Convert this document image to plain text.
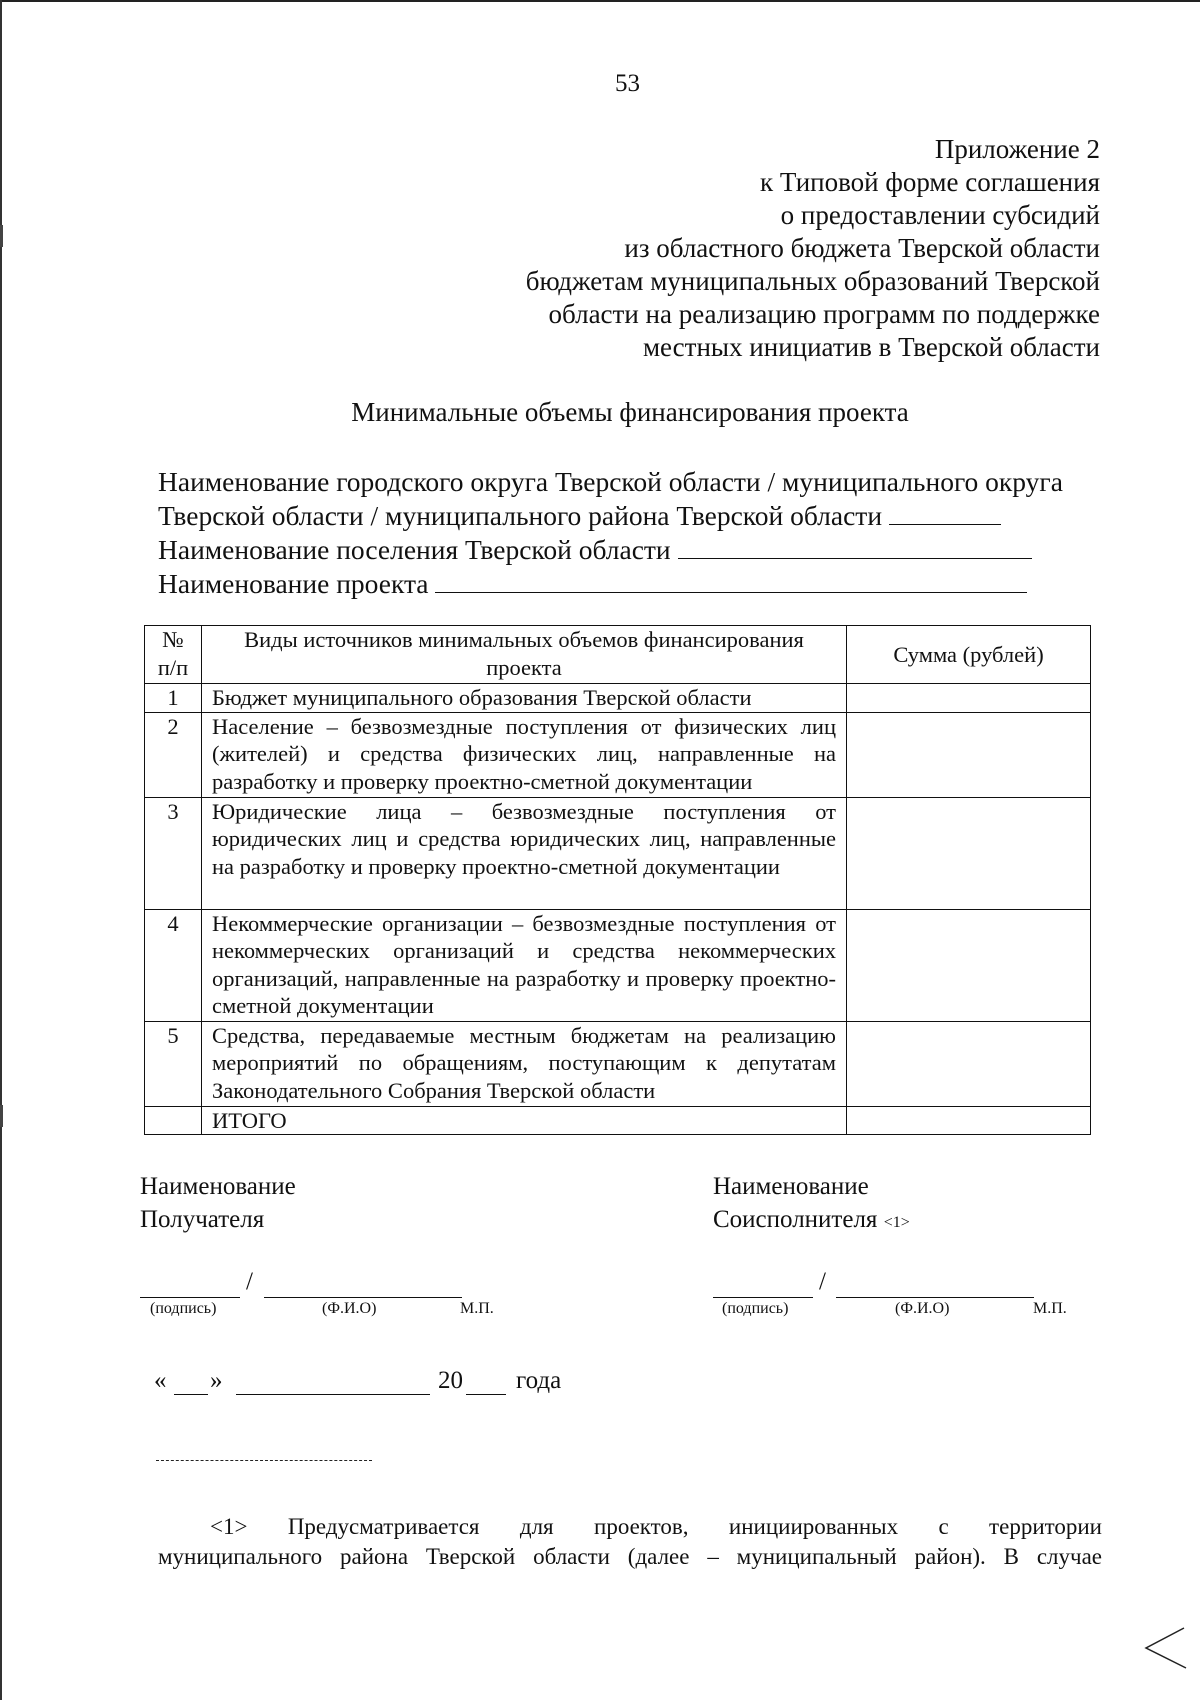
53
Приложение 2
к Типовой форме соглашения
о предоставлении субсидий
из областного бюджета Тверской области
бюджетам муниципальных образований Тверской
области на реализацию программ по поддержке
местных инициатив в Тверской области
Минимальные объемы финансирования проекта
Наименование городского округа Тверской области / муниципального округа
Тверской области / муниципального района Тверской области
Наименование поселения Тверской области
Наименование проекта
№ п/п	Виды источников минимальных объемов финансирования проекта	Сумма (рублей)
1	Бюджет муниципального образования Тверской области	
2	Население – безвозмездные поступления от физических лиц (жителей) и средства физических лиц, направленные на разработку и проверку проектно-сметной документации	
3	Юридические лица – безвозмездные поступления от юридических лиц и средства юридических лиц, направленные на разработку и проверку проектно-сметной документации	
4	Некоммерческие организации – безвозмездные поступления от некоммерческих организаций и средства некоммерческих организаций, направленные на разработку и проверку проектно-сметной документации	
5	Средства, передаваемые местным бюджетам на реализацию мероприятий по обращениям, поступающим к депутатам Законодательного Собрания Тверской области	
	ИТОГО	
Наименование
Получателя
/
(подпись)	(Ф.И.О)	М.П.
Наименование
Соисполнителя <1>
/
(подпись)	(Ф.И.О)	М.П.
« »	20 года

<1> Предусматривается для проектов, инициированных с территории

муниципального района Тверской области (далее – муниципальный район). В случае
